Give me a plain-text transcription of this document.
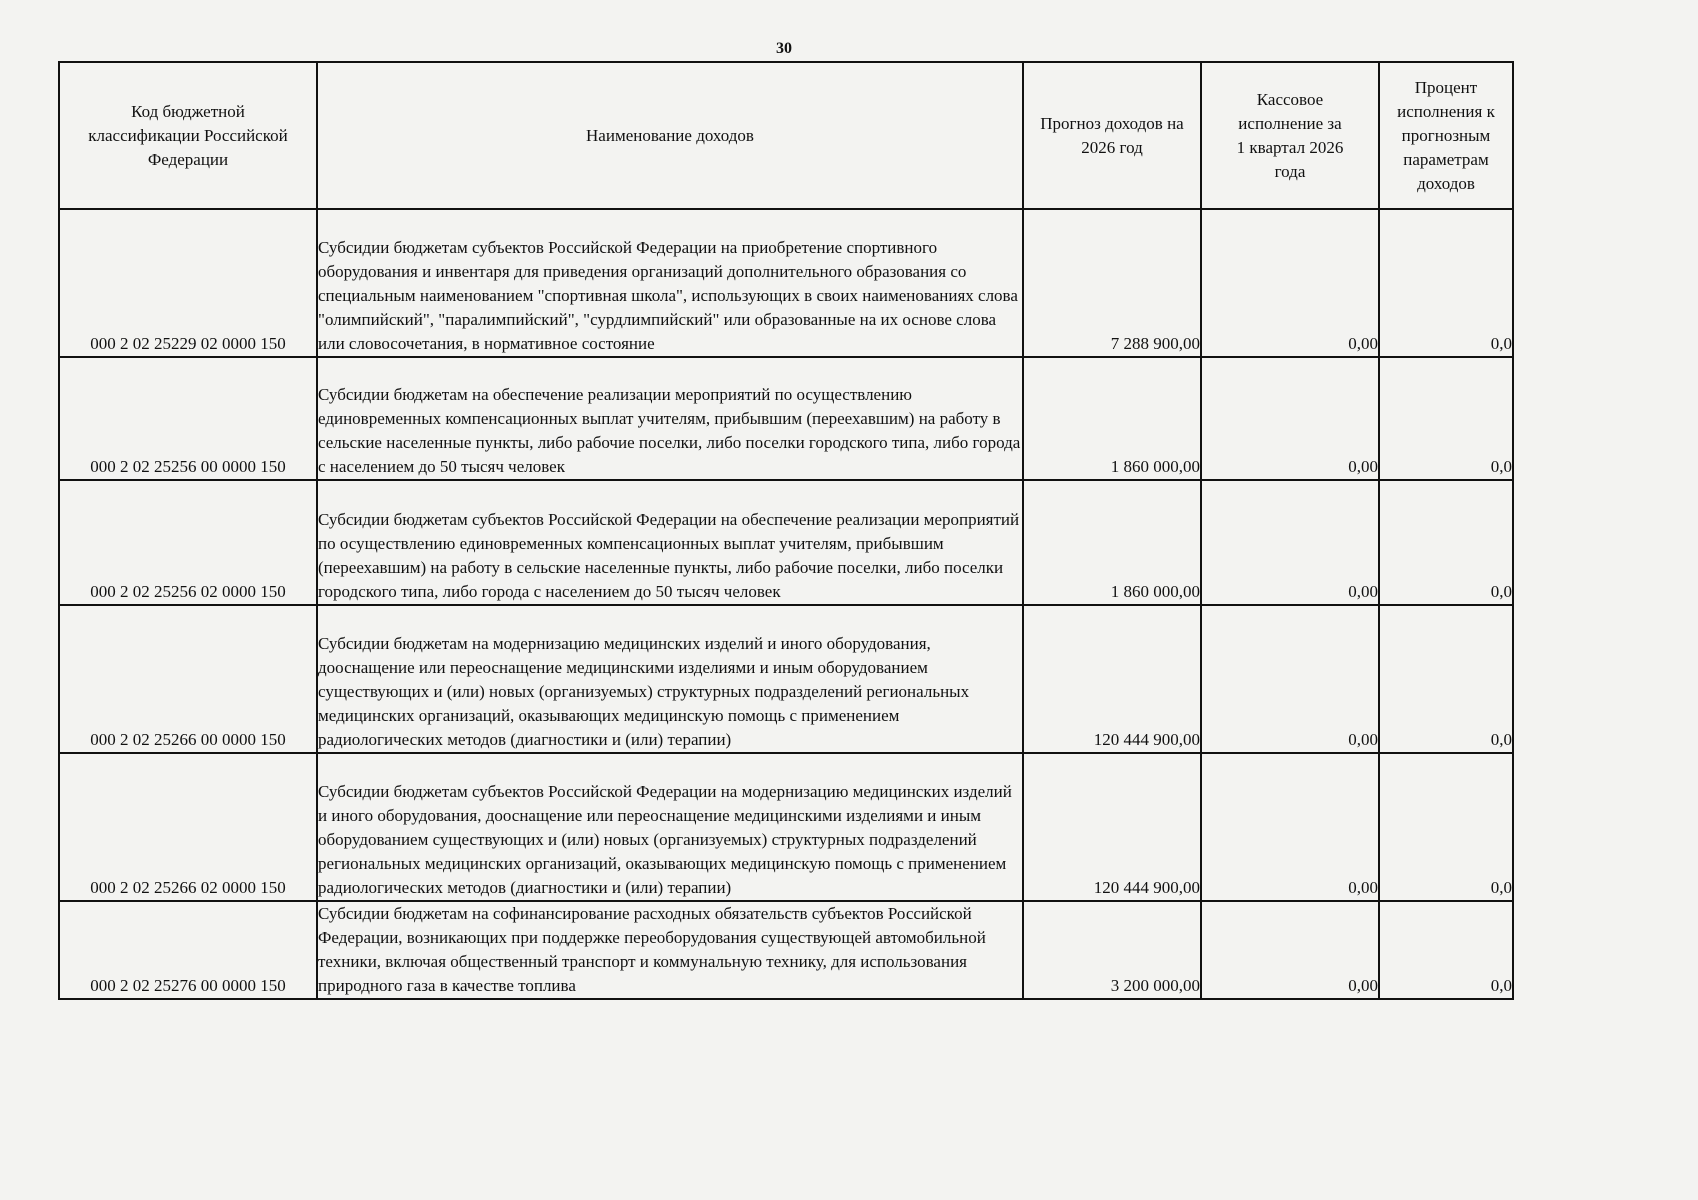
30
Код бюджетной классификации Российской Федерации	Наименование доходов	Прогноз доходов на 2026 год	Кассовое исполнение за 1 квартал 2026 года	Процент исполнения к прогнозным параметрам доходов

000 2 02 25229 02 0000 150	Субсидии бюджетам субъектов Российской Федерации на приобретение спортивного оборудования и инвентаря для приведения организаций дополнительного образования со специальным наименованием "спортивная школа", использующих в своих наименованиях слова "олимпийский", "паралимпийский", "сурдлимпийский" или образованные на их основе слова или словосочетания, в нормативное состояние	7 288 900,00	0,00	0,0
000 2 02 25256 00 0000 150	Субсидии бюджетам на обеспечение реализации мероприятий по осуществлению единовременных компенсационных выплат учителям, прибывшим (переехавшим) на работу в сельские населенные пункты, либо рабочие поселки, либо поселки городского типа, либо города с населением до 50 тысяч человек	1 860 000,00	0,00	0,0
000 2 02 25256 02 0000 150	Субсидии бюджетам субъектов Российской Федерации на обеспечение реализации мероприятий по осуществлению единовременных компенсационных выплат учителям, прибывшим (переехавшим) на работу в сельские населенные пункты, либо рабочие поселки, либо поселки городского типа, либо города с населением до 50 тысяч человек	1 860 000,00	0,00	0,0
000 2 02 25266 00 0000 150	Субсидии бюджетам на модернизацию медицинских изделий и иного оборудования, дооснащение или переоснащение медицинскими изделиями и иным оборудованием существующих и (или) новых (организуемых) структурных подразделений региональных медицинских организаций, оказывающих медицинскую помощь с применением радиологических методов (диагностики и (или) терапии)	120 444 900,00	0,00	0,0
000 2 02 25266 02 0000 150	Субсидии бюджетам субъектов Российской Федерации на модернизацию медицинских изделий и иного оборудования, дооснащение или переоснащение медицинскими изделиями и иным оборудованием существующих и (или) новых (организуемых) структурных подразделений региональных медицинских организаций, оказывающих медицинскую помощь с применением радиологических методов (диагностики и (или) терапии)	120 444 900,00	0,00	0,0
000 2 02 25276 00 0000 150	Субсидии бюджетам на софинансирование расходных обязательств субъектов Российской Федерации, возникающих при поддержке переоборудования существующей автомобильной техники, включая общественный транспорт и коммунальную технику, для использования природного газа в качестве топлива	3 200 000,00	0,00	0,0
